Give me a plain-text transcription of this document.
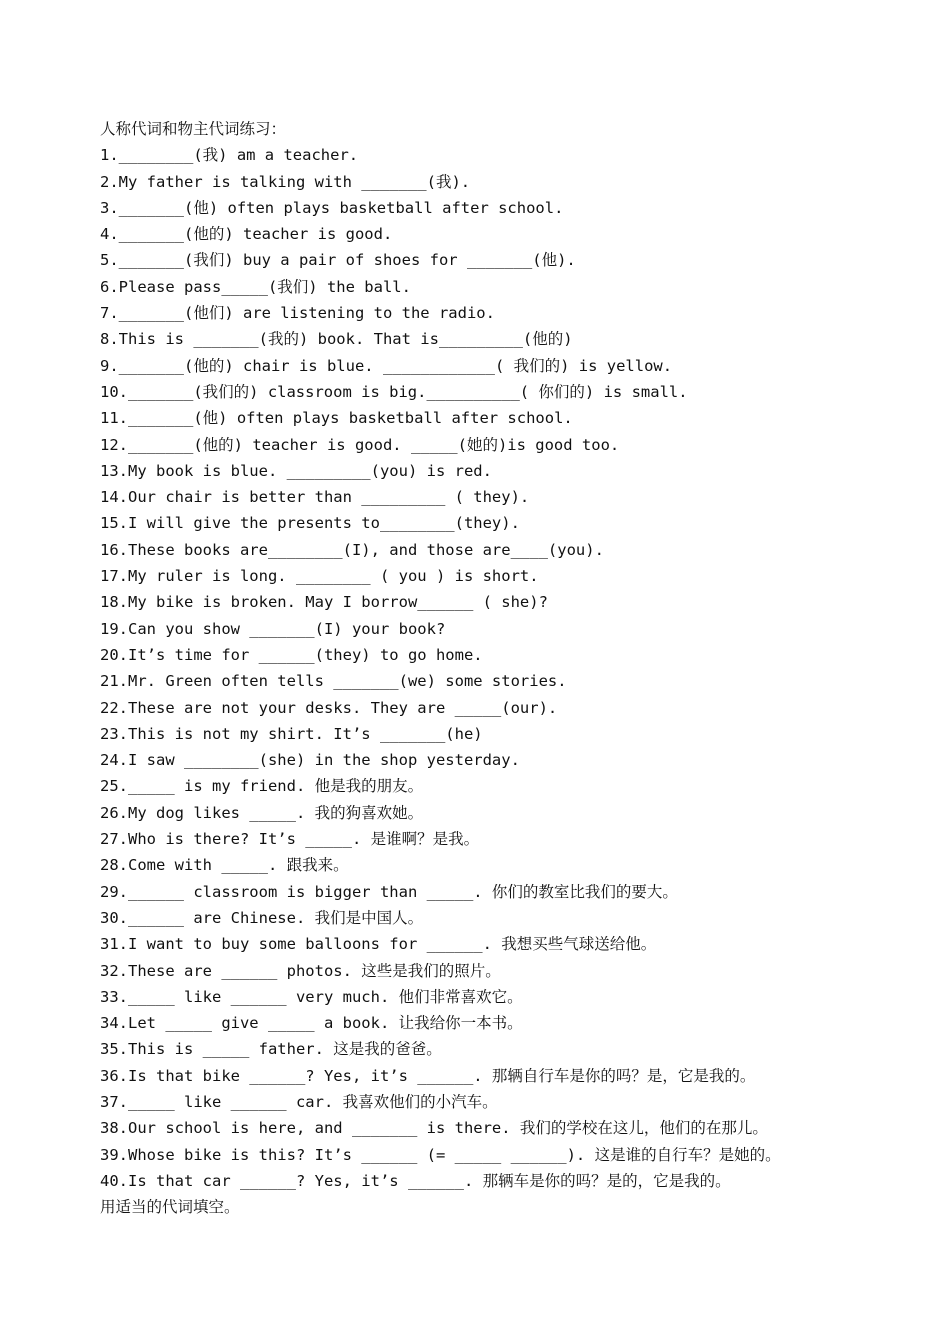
人称代词和物主代词练习：
1.________(我) am a teacher.
2.My father is talking with _______(我).
3._______(他) often plays basketball after school.
4._______(他的) teacher is good.
5._______(我们) buy a pair of shoes for _______(他).
6.Please pass_____(我们) the ball.
7._______(他们) are listening to the radio.
8.This is _______(我的) book. That is_________(他的)
9._______(他的) chair is blue. ____________( 我们的) is yellow.
10._______(我们的) classroom is big.__________( 你们的) is small.
11._______(他) often plays basketball after school.
12._______(他的) teacher is good. _____(她的)is good too.
13.My book is blue. _________(you) is red.
14.Our chair is better than _________ ( they).
15.I will give the presents to________(they).
16.These books are________(I), and those are____(you).
17.My ruler is long. ________ ( you ) is short.
18.My bike is broken. May I borrow______ ( she)?
19.Can you show _______(I) your book?
20.It’s time for ______(they) to go home.
21.Mr. Green often tells _______(we) some stories.
22.These are not your desks. They are _____(our).
23.This is not my shirt. It’s _______(he)
24.I saw ________(she) in the shop yesterday.
25._____ is my friend. 他是我的朋友。
26.My dog likes _____. 我的狗喜欢她。
27.Who is there? It’s _____. 是谁啊？是我。
28.Come with _____. 跟我来。
29.______ classroom is bigger than _____. 你们的教室比我们的要大。
30.______ are Chinese. 我们是中国人。
31.I want to buy some balloons for ______. 我想买些气球送给他。
32.These are ______ photos. 这些是我们的照片。
33._____ like ______ very much. 他们非常喜欢它。
34.Let _____ give _____ a book. 让我给你一本书。
35.This is _____ father. 这是我的爸爸。
36.Is that bike ______? Yes, it’s ______. 那辆自行车是你的吗？是，它是我的。
37._____ like ______ car. 我喜欢他们的小汽车。
38.Our school is here, and _______ is there. 我们的学校在这儿，他们的在那儿。
39.Whose bike is this? It’s ______ (= _____ ______). 这是谁的自行车？是她的。
40.Is that car ______? Yes, it’s ______. 那辆车是你的吗？是的，它是我的。
用适当的代词填空。
